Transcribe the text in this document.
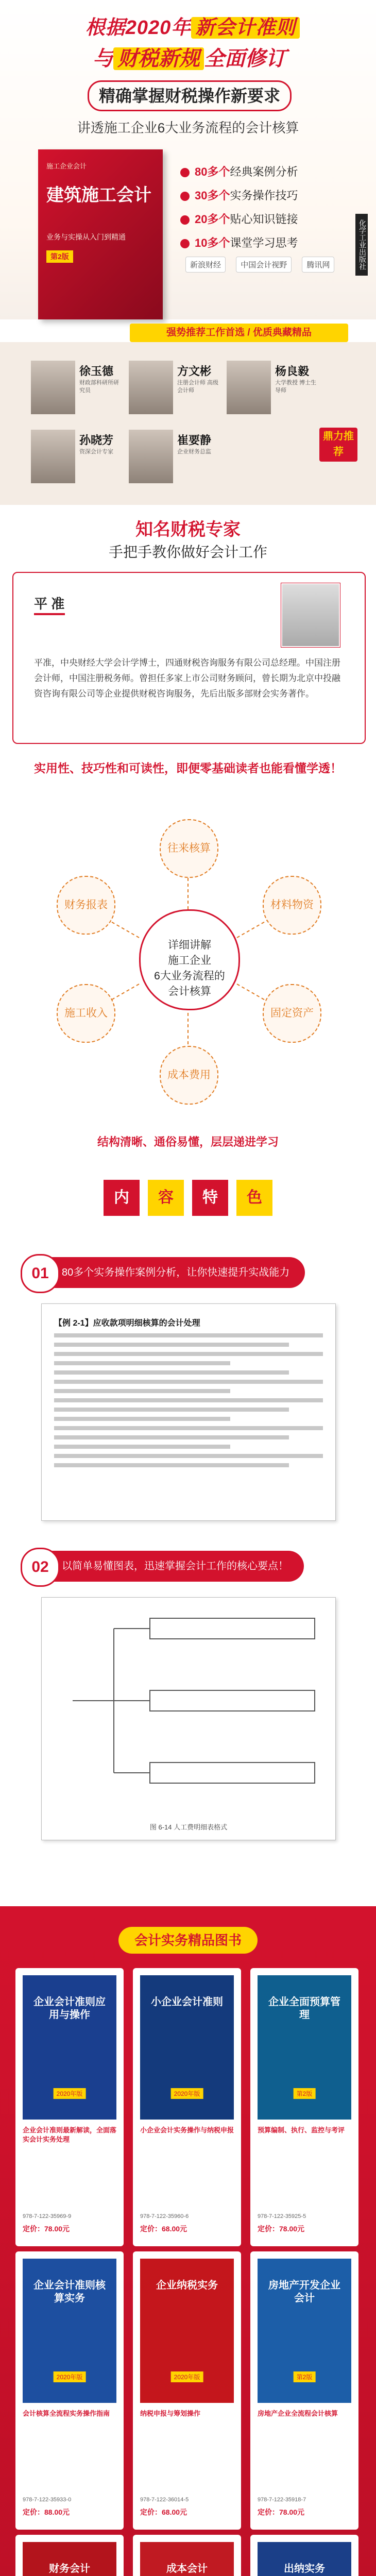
根据2020年 新会计准则
与 财税新规 全面修订
精确掌握财税操作新要求
讲透施工企业6大业务流程的会计核算
施工企业会计
建筑施工会计
业务与实操从入门到精通
第2版
80多个经典案例分析
30多个实务操作技巧
20多个贴心知识链接
10多个课堂学习思考
新浪财经	中国会计视野	腾讯网	化学工业出版社
强势推荐工作首选 / 优质典藏精品
徐玉德
财政部科研所研究员
方文彬
注册会计师 高级会计师
杨良毅
大学教授 博士生导师
孙晓芳
资深会计专家
崔要静
企业财务总监
鼎力推荐
知名财税专家
手把手教你做好会计工作
平 准
平准，中央财经大学会计学博士，四通财税咨询服务有限公司总经理。中国注册会计师，中国注册税务师。曾担任多家上市公司财务顾问，曾长期为北京中投融资咨询有限公司等企业提供财税咨询服务，先后出版多部财会实务著作。
实用性、技巧性和可读性，即便零基础读者也能看懂学透！
往来核算
材料物资
固定资产
成本费用
施工收入
财务报表
详细讲解
施工企业
6大业务流程的
会计核算
结构清晰、通俗易懂，层层递进学习
内 容 特 色
01	80多个实务操作案例分析，让你快速提升实战能力
【例 2-1】应收款项明细核算的会计处理
02	以简单易懂图表，迅速掌握会计工作的核心要点！
图 6-14 人工费明细表格式
会计实务精品图书
企业会计准则应用与操作
2020年版
企业会计准则最新解读，全面落实会计实务处理
978-7-122-35969-9
定价：78.00元
小企业会计准则
2020年版
小企业会计实务操作与纳税申报
978-7-122-35960-6
定价：68.00元
企业全面预算管理
第2版
预算编制、执行、监控与考评
978-7-122-35925-5
定价：78.00元
企业会计准则核算实务
2020年版
会计核算全流程实务操作指南
978-7-122-35933-0
定价：88.00元
企业纳税实务
2020年版
纳税申报与筹划操作
978-7-122-36014-5
定价：68.00元
房地产开发企业会计
第2版
房地产企业全流程会计核算
978-7-122-35918-7
定价：78.00元
财务会计	成本会计	出纳实务
